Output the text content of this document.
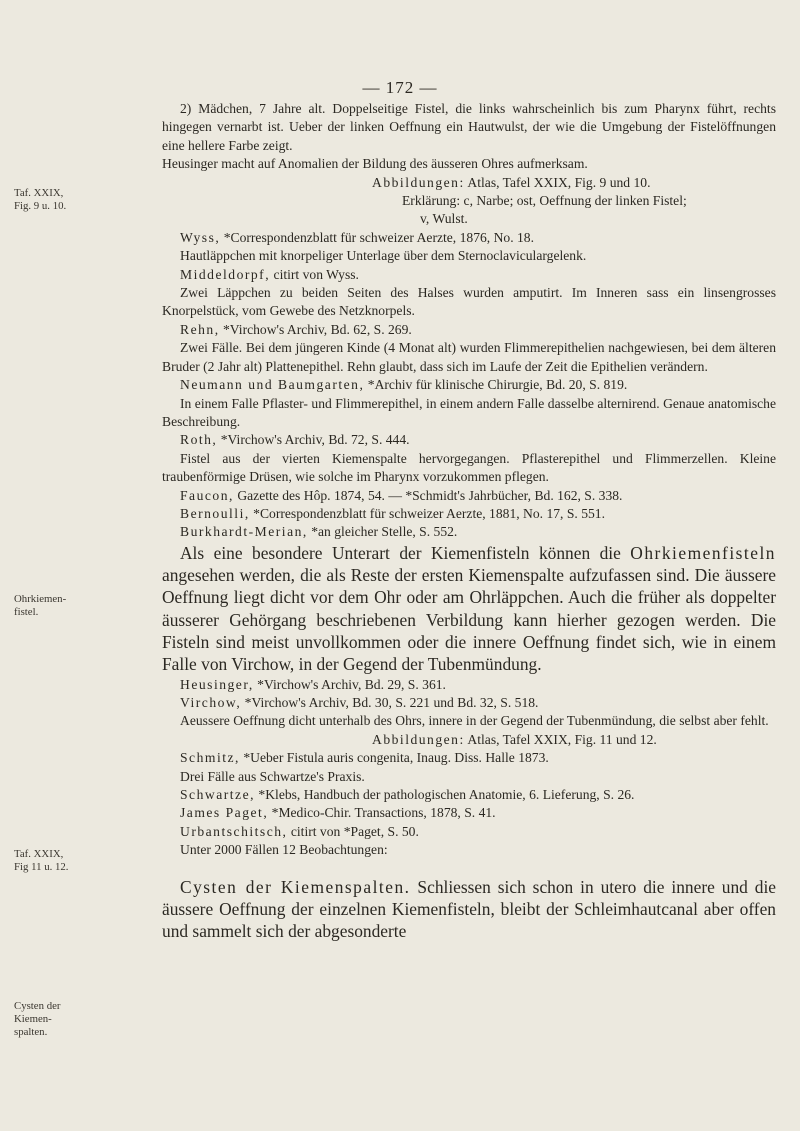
— 172 —
Taf. XXIX,
Fig. 9 u. 10.
Ohrkiemen-
fistel.
Taf. XXIX,
Fig 11 u. 12.
Cysten der
Kiemen-
spalten.

2) Mädchen, 7 Jahre alt. Doppelseitige Fistel, die links wahrscheinlich bis zum Pharynx führt, rechts hingegen vernarbt ist. Ueber der linken Oeffnung ein Hautwulst, der wie die Umgebung der Fistelöffnungen eine hellere Farbe zeigt.

Heusinger macht auf Anomalien der Bildung des äusseren Ohres aufmerksam.

Abbildungen: Atlas, Tafel XXIX, Fig. 9 und 10.

Erklärung: c, Narbe; ost, Oeffnung der linken Fistel;

v, Wulst.

Wyss, *Correspondenzblatt für schweizer Aerzte, 1876, No. 18.

Hautläppchen mit knorpeliger Unterlage über dem Sternoclaviculargelenk.

Middeldorpf, citirt von Wyss.

Zwei Läppchen zu beiden Seiten des Halses wurden amputirt. Im Inneren sass ein linsengrosses Knorpelstück, vom Gewebe des Netzknorpels.

Rehn, *Virchow's Archiv, Bd. 62, S. 269.

Zwei Fälle. Bei dem jüngeren Kinde (4 Monat alt) wurden Flimmerepithelien nachgewiesen, bei dem älteren Bruder (2 Jahr alt) Plattenepithel. Rehn glaubt, dass sich im Laufe der Zeit die Epithelien verändern.

Neumann und Baumgarten, *Archiv für klinische Chirurgie, Bd. 20, S. 819.

In einem Falle Pflaster- und Flimmerepithel, in einem andern Falle dasselbe alternirend. Genaue anatomische Beschreibung.

Roth, *Virchow's Archiv, Bd. 72, S. 444.

Fistel aus der vierten Kiemenspalte hervorgegangen. Pflasterepithel und Flimmerzellen. Kleine traubenförmige Drüsen, wie solche im Pharynx vorzukommen pflegen.

Faucon, Gazette des Hôp. 1874, 54. — *Schmidt's Jahrbücher, Bd. 162, S. 338.

Bernoulli, *Correspondenzblatt für schweizer Aerzte, 1881, No. 17, S. 551.

Burkhardt-Merian, *an gleicher Stelle, S. 552.

Als eine besondere Unterart der Kiemenfisteln können die Ohrkiemenfisteln angesehen werden, die als Reste der ersten Kiemenspalte aufzufassen sind. Die äussere Oeffnung liegt dicht vor dem Ohr oder am Ohrläppchen. Auch die früher als doppelter äusserer Gehörgang beschriebenen Verbildung kann hierher gezogen werden. Die Fisteln sind meist unvollkommen oder die innere Oeffnung findet sich, wie in einem Falle von Virchow, in der Gegend der Tubenmündung.

Heusinger, *Virchow's Archiv, Bd. 29, S. 361.

Virchow, *Virchow's Archiv, Bd. 30, S. 221 und Bd. 32, S. 518.

Aeussere Oeffnung dicht unterhalb des Ohrs, innere in der Gegend der Tubenmündung, die selbst aber fehlt.

Abbildungen: Atlas, Tafel XXIX, Fig. 11 und 12.

Schmitz, *Ueber Fistula auris congenita, Inaug. Diss. Halle 1873.

Drei Fälle aus Schwartze's Praxis.

Schwartze, *Klebs, Handbuch der pathologischen Anatomie, 6. Lieferung, S. 26.

James Paget, *Medico-Chir. Transactions, 1878, S. 41.

Urbantschitsch, citirt von *Paget, S. 50.

Unter 2000 Fällen 12 Beobachtungen:

Cysten der Kiemenspalten. Schliessen sich schon in utero die innere und die äussere Oeffnung der einzelnen Kiemenfisteln, bleibt der Schleimhautcanal aber offen und sammelt sich der abgesonderte
